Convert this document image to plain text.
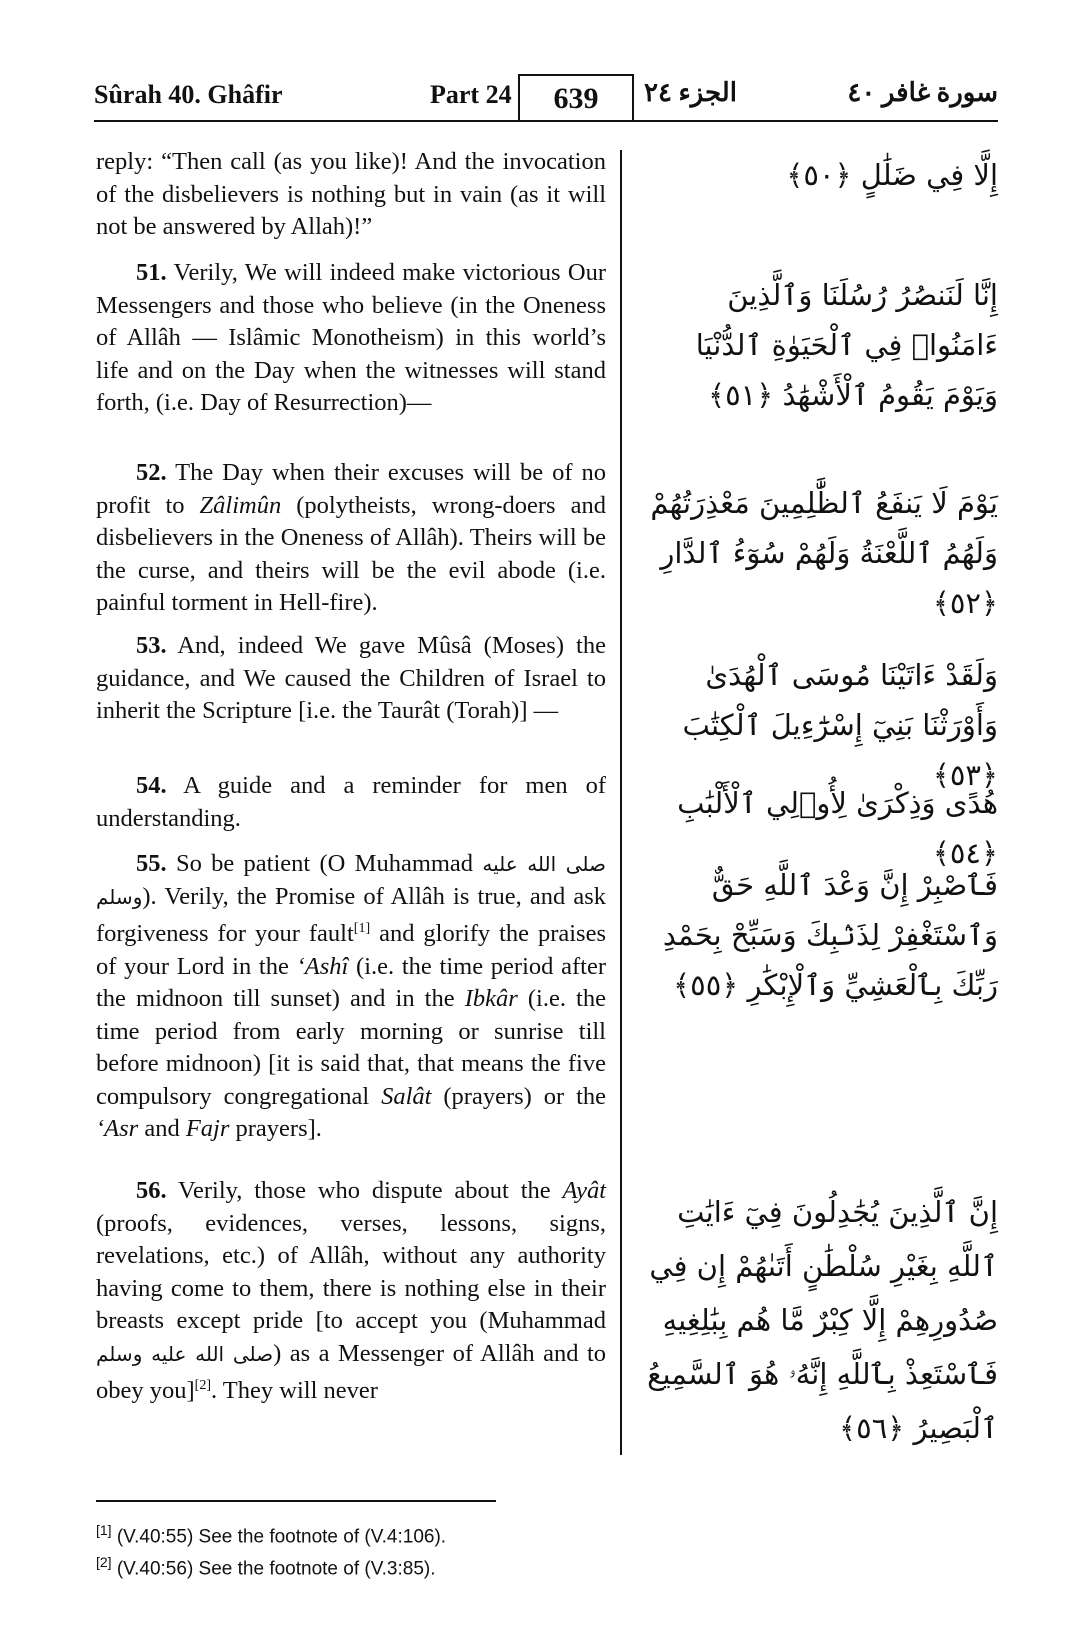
Sûrah 40. Ghâfir	Part 24	639	الجزء ٢٤	سورة غافر ٤٠
reply: “Then call (as you like)! And the invocation of the disbelievers is nothing but in vain (as it will not be answered by Allah)!”
51. Verily, We will indeed make victorious Our Messengers and those who believe (in the Oneness of Allâh — Islâmic Monotheism) in this world’s life and on the Day when the witnesses will stand forth, (i.e. Day of Resurrection)—
52. The Day when their excuses will be of no profit to Zâlimûn (polytheists, wrong-doers and disbelievers in the Oneness of Allâh). Theirs will be the curse, and theirs will be the evil abode (i.e. painful torment in Hell-fire).
53. And, indeed We gave Mûsâ (Moses) the guidance, and We caused the Children of Israel to inherit the Scripture [i.e. the Taurât (Torah)] —
54. A guide and a reminder for men of understanding.
55. So be patient (O Muhammad صلى الله عليه وسلم). Verily, the Promise of Allâh is true, and ask forgiveness for your fault[1] and glorify the praises of your Lord in the ‘Ashî (i.e. the time period after the midnoon till sunset) and in the Ibkâr (i.e. the time period from early morning or sunrise till before midnoon) [it is said that, that means the five compulsory congregational Salât (prayers) or the ‘Asr and Fajr prayers].
56. Verily, those who dispute about the Ayât (proofs, evidences, verses, lessons, signs, revelations, etc.) of Allâh, without any authority having come to them, there is nothing else in their breasts except pride [to accept you (Muhammad صلى الله عليه وسلم) as a Messenger of Allâh and to obey you][2]. They will never
إِلَّا فِي ضَلَٰلٍ ﴿٥٠﴾
إِنَّا لَنَنصُرُ رُسُلَنَا وَٱلَّذِينَ ءَامَنُوا۟ فِي ٱلْحَيَوٰةِ ٱلدُّنْيَا وَيَوْمَ يَقُومُ ٱلْأَشْهَٰدُ ﴿٥١﴾
يَوْمَ لَا يَنفَعُ ٱلظَّٰلِمِينَ مَعْذِرَتُهُمْ وَلَهُمُ ٱللَّعْنَةُ وَلَهُمْ سُوٓءُ ٱلدَّارِ ﴿٥٢﴾
وَلَقَدْ ءَاتَيْنَا مُوسَى ٱلْهُدَىٰ وَأَوْرَثْنَا بَنِيٓ إِسْرَٰٓءِيلَ ٱلْكِتَٰبَ ﴿٥٣﴾
هُدًى وَذِكْرَىٰ لِأُو۟لِي ٱلْأَلْبَٰبِ ﴿٥٤﴾
فَٱصْبِرْ إِنَّ وَعْدَ ٱللَّهِ حَقٌّ وَٱسْتَغْفِرْ لِذَنۢبِكَ وَسَبِّحْ بِحَمْدِ رَبِّكَ بِٱلْعَشِيِّ وَٱلْإِبْكَٰرِ ﴿٥٥﴾
إِنَّ ٱلَّذِينَ يُجَٰدِلُونَ فِيٓ ءَايَٰتِ ٱللَّهِ بِغَيْرِ سُلْطَٰنٍ أَتَىٰهُمْ إِن فِي صُدُورِهِمْ إِلَّا كِبْرٌ مَّا هُم بِبَٰلِغِيهِ فَٱسْتَعِذْ بِٱللَّهِ إِنَّهُۥ هُوَ ٱلسَّمِيعُ ٱلْبَصِيرُ ﴿٥٦﴾
[1] (V.40:55) See the footnote of (V.4:106).
[2] (V.40:56) See the footnote of (V.3:85).
